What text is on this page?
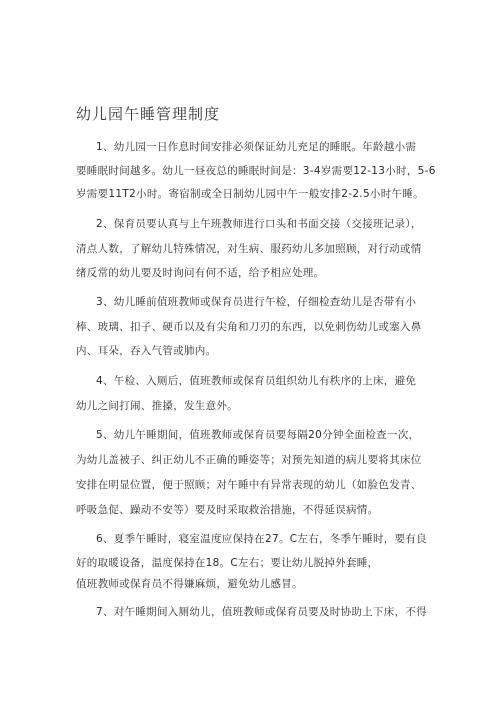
幼儿园午睡管理制度
1、幼儿园一日作息时间安排必须保证幼儿充足的睡眠。年龄越小需
要睡眠时间越多。幼儿一昼夜总的睡眠时间是：3-4岁需要12-13小时，5-6
岁需要11T2小时。寄宿制或全日制幼儿园中午一般安排2-2.5小时午睡。
2、保育员要认真与上午班教师进行口头和书面交接（交接班记录），
清点人数，了解幼儿特殊情况，对生病、服药幼儿多加照顾，对行动或情
绪反常的幼儿要及时询问有何不适，给予相应处理。
3、幼儿睡前值班教师或保育员进行午检，仔细检查幼儿是否带有小
棒、玻璃、扣子、硬币以及有尖角和刀刃的东西，以免刺伤幼儿或塞入鼻
内、耳朵，吞入气管或肺内。
4、午检、入厕后，值班教师或保育员组织幼儿有秩序的上床，避免
幼儿之间打闹、推搡，发生意外。
5、幼儿午睡期间，值班教师或保育员要每隔20分钟全面检查一次，
为幼儿盖被子、纠正幼儿不正确的睡姿等；对预先知道的病儿要将其床位
安排在明显位置，便于照顾；对午睡中有异常表现的幼儿（如脸色发青、
呼吸急促、躁动不安等）要及时采取救治措施，不得延误病情。
6、夏季午睡时，寝室温度应保持在27。C左右，冬季午睡时，要有良
好的取暖设备，温度保持在18。C左右；要让幼儿脱掉外套睡，
值班教师或保育员不得嫌麻烦，避免幼儿感冒。
7、对午睡期间入厕幼儿，值班教师或保育员要及时协助上下床，不得
